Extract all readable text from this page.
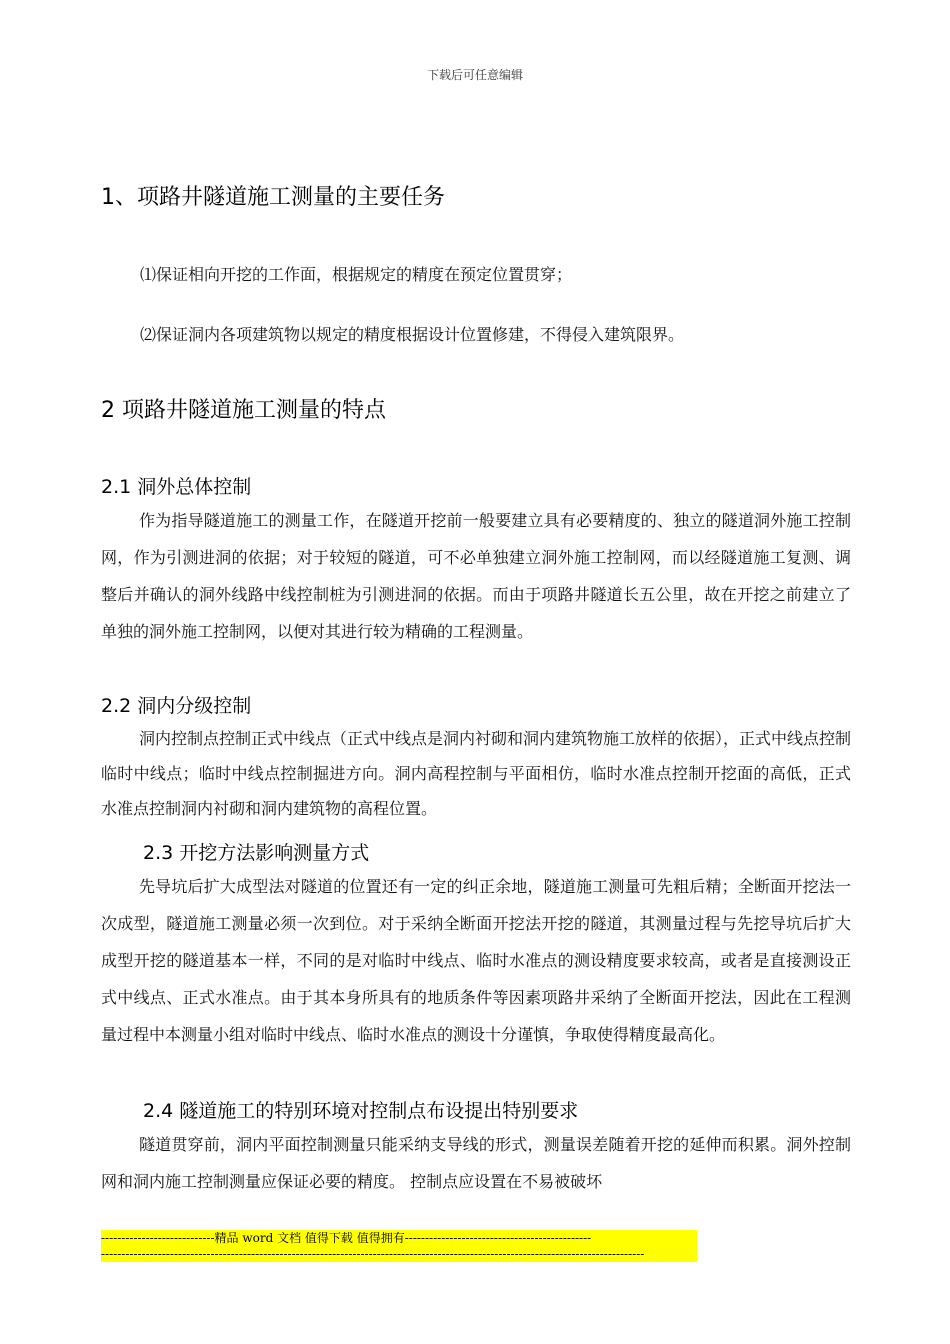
下载后可任意编辑
1、项路井隧道施工测量的主要任务
⑴保证相向开挖的工作面，根据规定的精度在预定位置贯穿；
⑵保证洞内各项建筑物以规定的精度根据设计位置修建，不得侵入建筑限界。
2 项路井隧道施工测量的特点
2.1 洞外总体控制
作为指导隧道施工的测量工作，在隧道开挖前一般要建立具有必要精度的、独立的隧道洞外施工控制网，作为引测进洞的依据；对于较短的隧道，可不必单独建立洞外施工控制网，而以经隧道施工复测、调整后并确认的洞外线路中线控制桩为引测进洞的依据。而由于项路井隧道长五公里，故在开挖之前建立了单独的洞外施工控制网，以便对其进行较为精确的工程测量。
2.2 洞内分级控制
洞内控制点控制正式中线点（正式中线点是洞内衬砌和洞内建筑物施工放样的依据），正式中线点控制临时中线点；临时中线点控制掘进方向。洞内高程控制与平面相仿，临时水准点控制开挖面的高低，正式水准点控制洞内衬砌和洞内建筑物的高程位置。
2.3 开挖方法影响测量方式
先导坑后扩大成型法对隧道的位置还有一定的纠正余地，隧道施工测量可先粗后精；全断面开挖法一次成型，隧道施工测量必须一次到位。对于采纳全断面开挖法开挖的隧道，其测量过程与先挖导坑后扩大成型开挖的隧道基本一样，不同的是对临时中线点、临时水准点的测设精度要求较高，或者是直接测设正式中线点、正式水准点。由于其本身所具有的地质条件等因素项路井采纳了全断面开挖法，因此在工程测量过程中本测量小组对临时中线点、临时水准点的测设十分谨慎，争取使得精度最高化。
2.4 隧道施工的特别环境对控制点布设提出特别要求
隧道贯穿前，洞内平面控制测量只能采纳支导线的形式，测量误差随着开挖的延伸而积累。洞外控制网和洞内施工控制测量应保证必要的精度。 控制点应设置在不易被破坏
----------------------------精品 word 文档 值得下载 值得拥有----------------------------------------------
--------------------------------------------------------------------------------------------------------------------------------------
